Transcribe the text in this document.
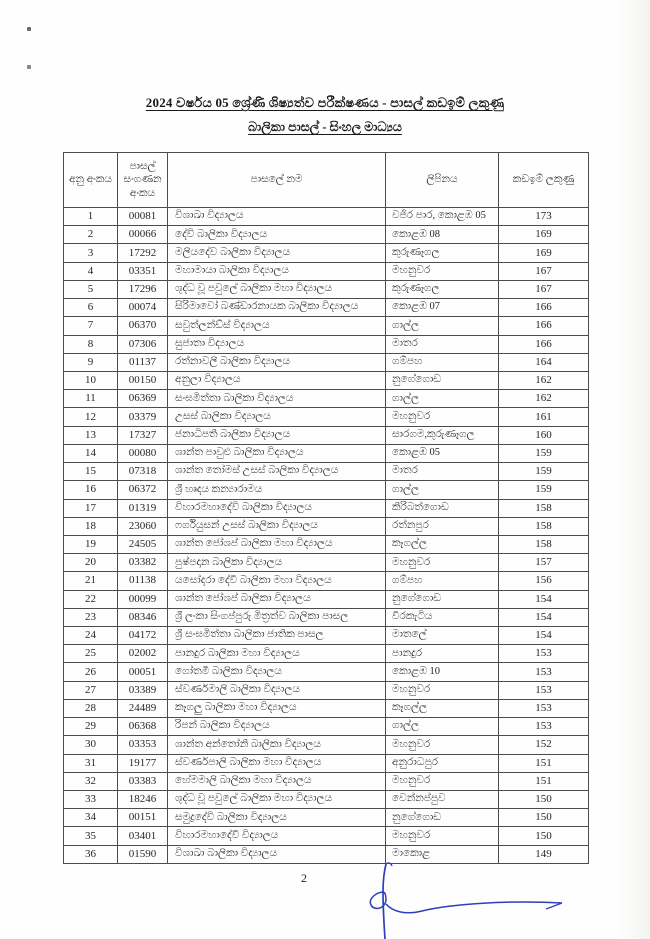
2024 වර්ෂය 05 ශ්‍රේණි ශිෂ්‍යත්ව පරීක්ෂණය - පාසල් කඩඉම් ලකුණු
බාලිකා පාසල් - සිංහල මාධ්‍යය
අනු අංකය	පාසල් සංගණන අංකය	පාසලේ නම	ලිපිනය	කඩඉම් ලකුණු
1	00081	විශාඛා විද්‍යාලය	වජිර පාර, කොළඹ 05	173
2	00066	දේවි බාලිකා විද්‍යාලය	කොළඹ 08	169
3	17292	මලියදේව බාලිකා විද්‍යාලය	කුරුණෑගල	169
4	03351	මහාමායා බාලිකා විද්‍යාලය	මහනුවර	167
5	17296	ශුද්ධ වූ පවුලේ බාලිකා මහා විද්‍යාලය	කුරුණෑගල	167
6	00074	සිරිමාවෝ බණ්ඩාරනායක බාලිකා විද්‍යාලය	කොළඹ 07	166
7	06370	සවුත්ලන්ඩ්ස් විද්‍යාලය	ගාල්ල	166
8	07306	සුජාතා විද්‍යාලය	මාතර	166
9	01137	රත්නාවලී බාලිකා විද්‍යාලය	ගම්පහ	164
10	00150	අනුලා විද්‍යාලය	නුගේගොඩ	162
11	06369	සංඝමිත්තා බාලිකා විද්‍යාලය	ගාල්ල	162
12	03379	උසස් බාලිකා විද්‍යාලය	මහනුවර	161
13	17327	ජනාධිපති බාලිකා විද්‍යාලය	සාරගම,කුරුණෑගල	160
14	00080	ශාන්ත පාවුළු බාලිකා විද්‍යාලය	කොළඹ 05	159
15	07318	ශාන්ත තෝමස් උසස් බාලිකා විද්‍යාලය	මාතර	159
16	06372	ශ්‍රී හෘදය කන්‍යාරාමය	ගාල්ල	159
17	01319	විහාරමහාදේවි බාලිකා විද්‍යාලය	කිරිබත්ගොඩ	158
18	23060	ෆර්ගියුසන් උසස් බාලිකා විද්‍යාලය	රත්නපුර	158
19	24505	ශාන්ත ජෝශප් බාලිකා මහා විද්‍යාලය	කෑගල්ල	158
20	03382	පුෂ්පදාන බාලිකා විද්‍යාලය	මහනුවර	157
21	01138	යසෝදරා දේවී බාලිකා මහා විද්‍යාලය	ගම්පහ	156
22	00099	ශාන්ත ජෝශප් බාලිකා විද්‍යාලය	නුගේගොඩ	154
23	08346	ශ්‍රී ලංකා සිංගප්පුරු මිත්‍රත්ව බාලිකා පාසල	වීරකැටිය	154
24	04172	ශ්‍රී සංඝමිත්තා බාලිකා ජාතික පාසල	මාතලේ	154
25	02002	පානදුර බාලිකා මහා විද්‍යාලය	පානදුර	153
26	00051	ගෝතමී බාලිකා විද්‍යාලය	කොළඹ 10	153
27	03389	ස්වර්ණමාලි බාලිකා විද්‍යාලය	මහනුවර	153
28	24489	කෑගලු බාලිකා මහා විද්‍යාලය	කෑගල්ල	153
29	06368	රිපන් බාලිකා විද්‍යාලය	ගාල්ල	153
30	03353	ශාන්ත අන්තෝනි බාලිකා විද්‍යාලය	මහනුවර	152
31	19177	ස්වර්ණපාලි බාලිකා මහා විද්‍යාලය	අනුරාධපුර	151
32	03383	හේමමාලි බාලිකා මහා විද්‍යාලය	මහනුවර	151
33	18246	ශුද්ධ වූ පවුලේ බාලිකා මහා විද්‍යාලය	වෙන්නප්පුව	150
34	00151	සමුද්‍රදේවි බාලිකා විද්‍යාලය	නුගේගොඩ	150
35	03401	විහාරමහාදේවී විද්‍යාලය	මහනුවර	150
36	01590	විශාඛා බාලිකා විද්‍යාලය	මාකොළ	149
2
